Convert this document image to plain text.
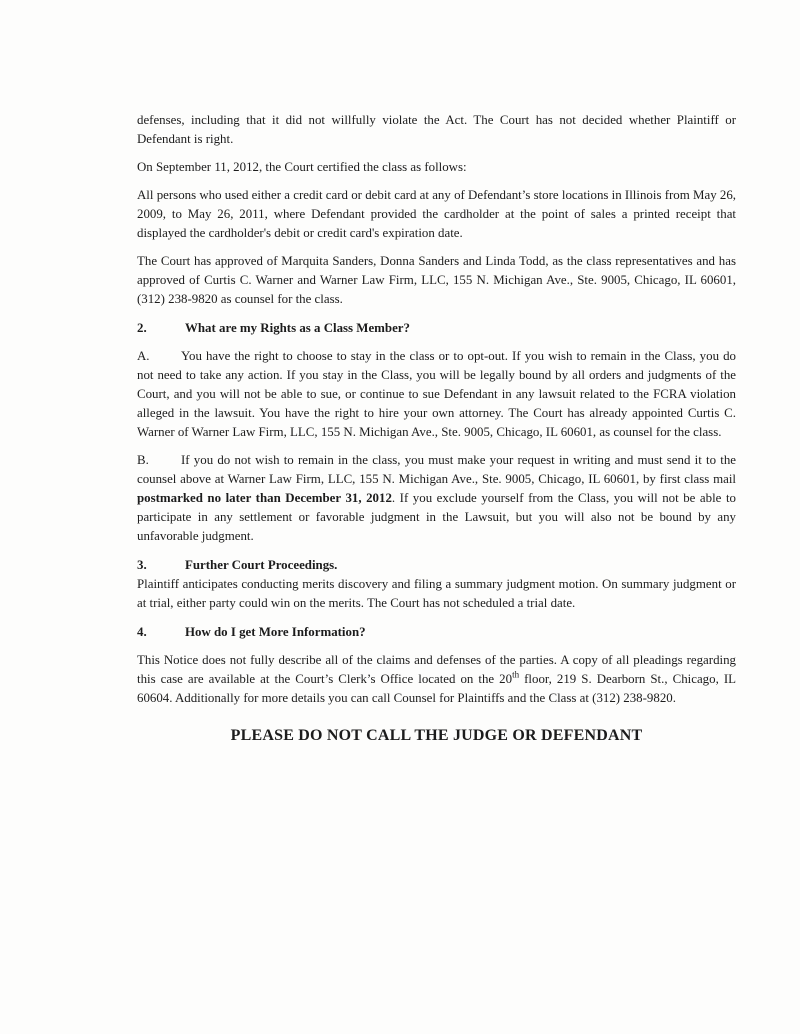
defenses, including that it did not willfully violate the Act. The Court has not decided whether Plaintiff or Defendant is right.

On September 11, 2012, the Court certified the class as follows:

All persons who used either a credit card or debit card at any of Defendant’s store locations in Illinois from May 26, 2009, to May 26, 2011, where Defendant provided the cardholder at the point of sales a printed receipt that displayed the cardholder's debit or credit card's expiration date.

The Court has approved of Marquita Sanders, Donna Sanders and Linda Todd, as the class representatives and has approved of Curtis C. Warner and Warner Law Firm, LLC, 155 N. Michigan Ave., Ste. 9005, Chicago, IL 60601, (312) 238-9820 as counsel for the class.

2.	What are my Rights as a Class Member?

A. You have the right to choose to stay in the class or to opt-out. If you wish to remain in the Class, you do not need to take any action. If you stay in the Class, you will be legally bound by all orders and judgments of the Court, and you will not be able to sue, or continue to sue Defendant in any lawsuit related to the FCRA violation alleged in the lawsuit. You have the right to hire your own attorney. The Court has already appointed Curtis C. Warner of Warner Law Firm, LLC, 155 N. Michigan Ave., Ste. 9005, Chicago, IL 60601, as counsel for the class.

B. If you do not wish to remain in the class, you must make your request in writing and must send it to the counsel above at Warner Law Firm, LLC, 155 N. Michigan Ave., Ste. 9005, Chicago, IL 60601, by first class mail postmarked no later than December 31, 2012. If you exclude yourself from the Class, you will not be able to participate in any settlement or favorable judgment in the Lawsuit, but you will also not be bound by any unfavorable judgment.

3.	Further Court Proceedings.

Plaintiff anticipates conducting merits discovery and filing a summary judgment motion. On summary judgment or at trial, either party could win on the merits. The Court has not scheduled a trial date.

4.	How do I get More Information?

This Notice does not fully describe all of the claims and defenses of the parties. A copy of all pleadings regarding this case are available at the Court’s Clerk’s Office located on the 20th floor, 219 S. Dearborn St., Chicago, IL 60604. Additionally for more details you can call Counsel for Plaintiffs and the Class at (312) 238-9820.

PLEASE DO NOT CALL THE JUDGE OR DEFENDANT
